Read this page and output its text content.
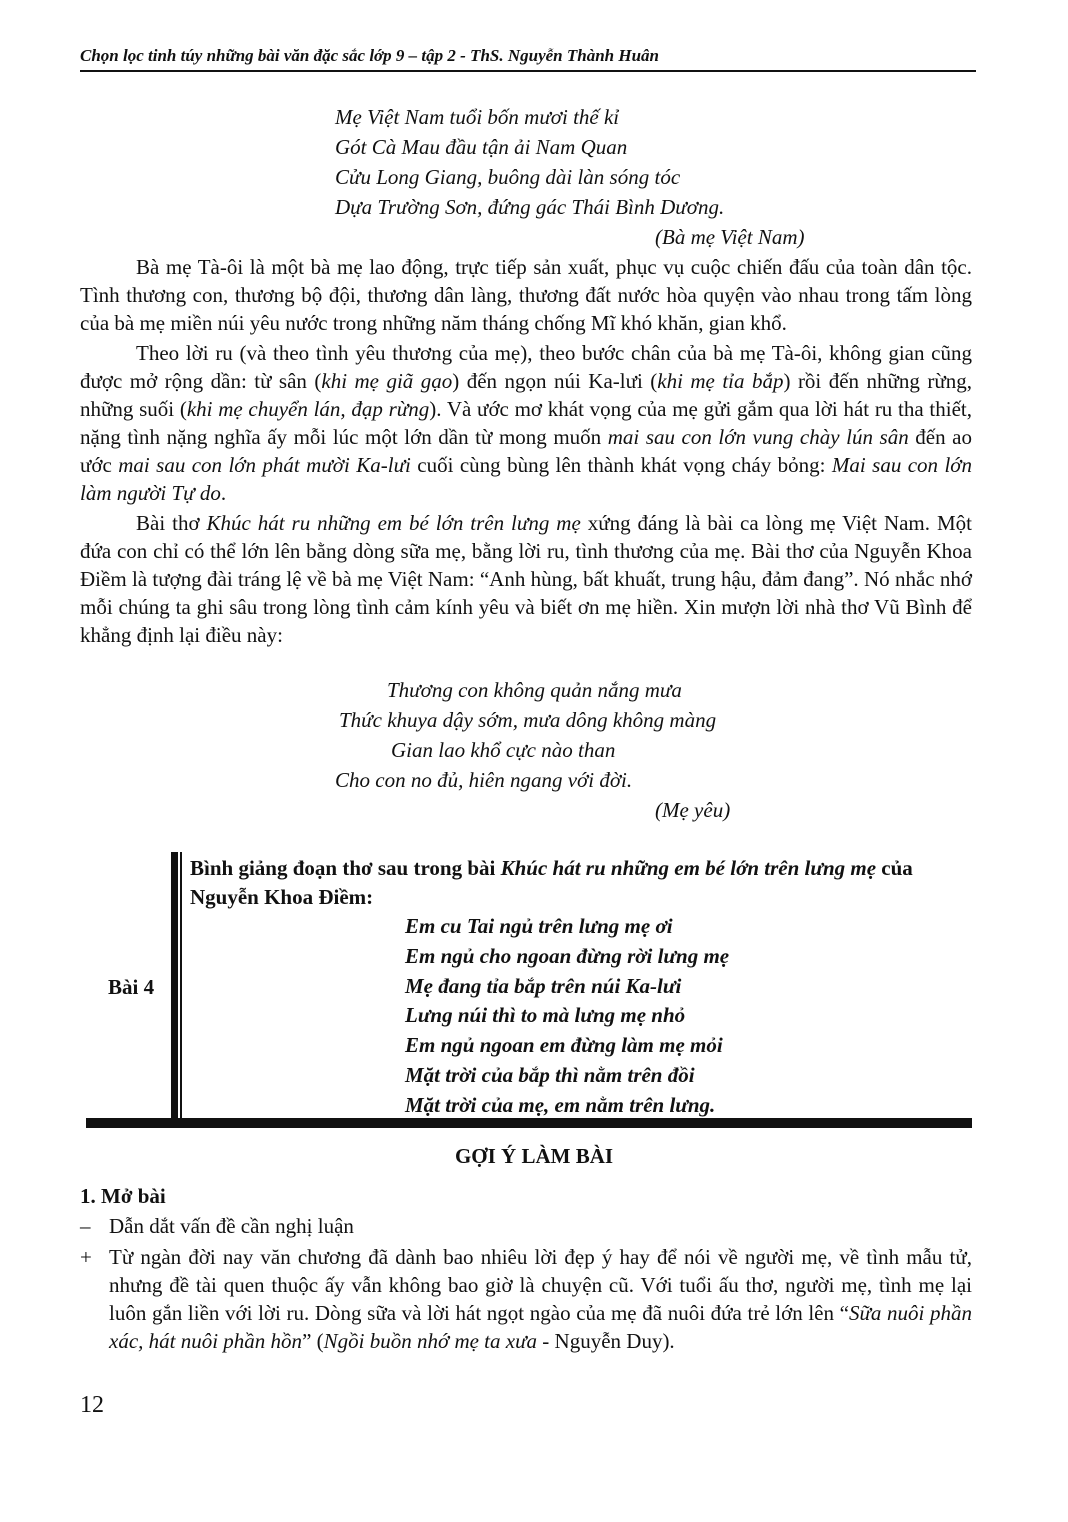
Chọn lọc tinh túy những bài văn đặc sắc lớp 9 – tập 2 - ThS. Nguyễn Thành Huân
Mẹ Việt Nam tuổi bốn mươi thế kỉ
Gót Cà Mau đầu tận ải Nam Quan
Cửu Long Giang, buông dài làn sóng tóc
Dựa Trường Sơn, đứng gác Thái Bình Dương.
(Bà mẹ Việt Nam)

Bà mẹ Tà-ôi là một bà mẹ lao động, trực tiếp sản xuất, phục vụ cuộc chiến đấu của toàn dân tộc. Tình thương con, thương bộ đội, thương dân làng, thương đất nước hòa quyện vào nhau trong tấm lòng của bà mẹ miền núi yêu nước trong những năm tháng chống Mĩ khó khăn, gian khổ.

Theo lời ru (và theo tình yêu thương của mẹ), theo bước chân của bà mẹ Tà-ôi, không gian cũng được mở rộng dần: từ sân (khi mẹ giã gạo) đến ngọn núi Ka-lưi (khi mẹ tỉa bắp) rồi đến những rừng, những suối (khi mẹ chuyển lán, đạp rừng). Và ước mơ khát vọng của mẹ gửi gắm qua lời hát ru tha thiết, nặng tình nặng nghĩa ấy mỗi lúc một lớn dần từ mong muốn mai sau con lớn vung chày lún sân đến ao ước mai sau con lớn phát mười Ka-lưi cuối cùng bùng lên thành khát vọng cháy bỏng: Mai sau con lớn làm người Tự do.

Bài thơ Khúc hát ru những em bé lớn trên lưng mẹ xứng đáng là bài ca lòng mẹ Việt Nam. Một đứa con chỉ có thể lớn lên bằng dòng sữa mẹ, bằng lời ru, tình thương của mẹ. Bài thơ của Nguyễn Khoa Điềm là tượng đài tráng lệ về bà mẹ Việt Nam: “Anh hùng, bất khuất, trung hậu, đảm đang”. Nó nhắc nhớ mỗi chúng ta ghi sâu trong lòng tình cảm kính yêu và biết ơn mẹ hiền. Xin mượn lời nhà thơ Vũ Bình để khẳng định lại điều này:

Thương con không quản nắng mưa
Thức khuya dậy sớm, mưa dông không màng
Gian lao khổ cực nào than
Cho con no đủ, hiên ngang với đời.
(Mẹ yêu)
Bài 4

Bình giảng đoạn thơ sau trong bài Khúc hát ru những em bé lớn trên lưng mẹ của Nguyễn Khoa Điềm:

Em cu Tai ngủ trên lưng mẹ ơi
Em ngủ cho ngoan đừng rời lưng mẹ
Mẹ đang tỉa bắp trên núi Ka-lưi
Lưng núi thì to mà lưng mẹ nhỏ
Em ngủ ngoan em đừng làm mẹ mỏi
Mặt trời của bắp thì nằm trên đồi
Mặt trời của mẹ, em nằm trên lưng.
GỢI Ý LÀM BÀI
1. Mở bài
– Dẫn dắt vấn đề cần nghị luận
+ Từ ngàn đời nay văn chương đã dành bao nhiêu lời đẹp ý hay để nói về người mẹ, về tình mẫu tử, nhưng đề tài quen thuộc ấy vẫn không bao giờ là chuyện cũ. Với tuổi ấu thơ, người mẹ, tình mẹ lại luôn gắn liền với lời ru. Dòng sữa và lời hát ngọt ngào của mẹ đã nuôi đứa trẻ lớn lên “Sữa nuôi phần xác, hát nuôi phần hồn” (Ngồi buồn nhớ mẹ ta xưa - Nguyễn Duy).
12
